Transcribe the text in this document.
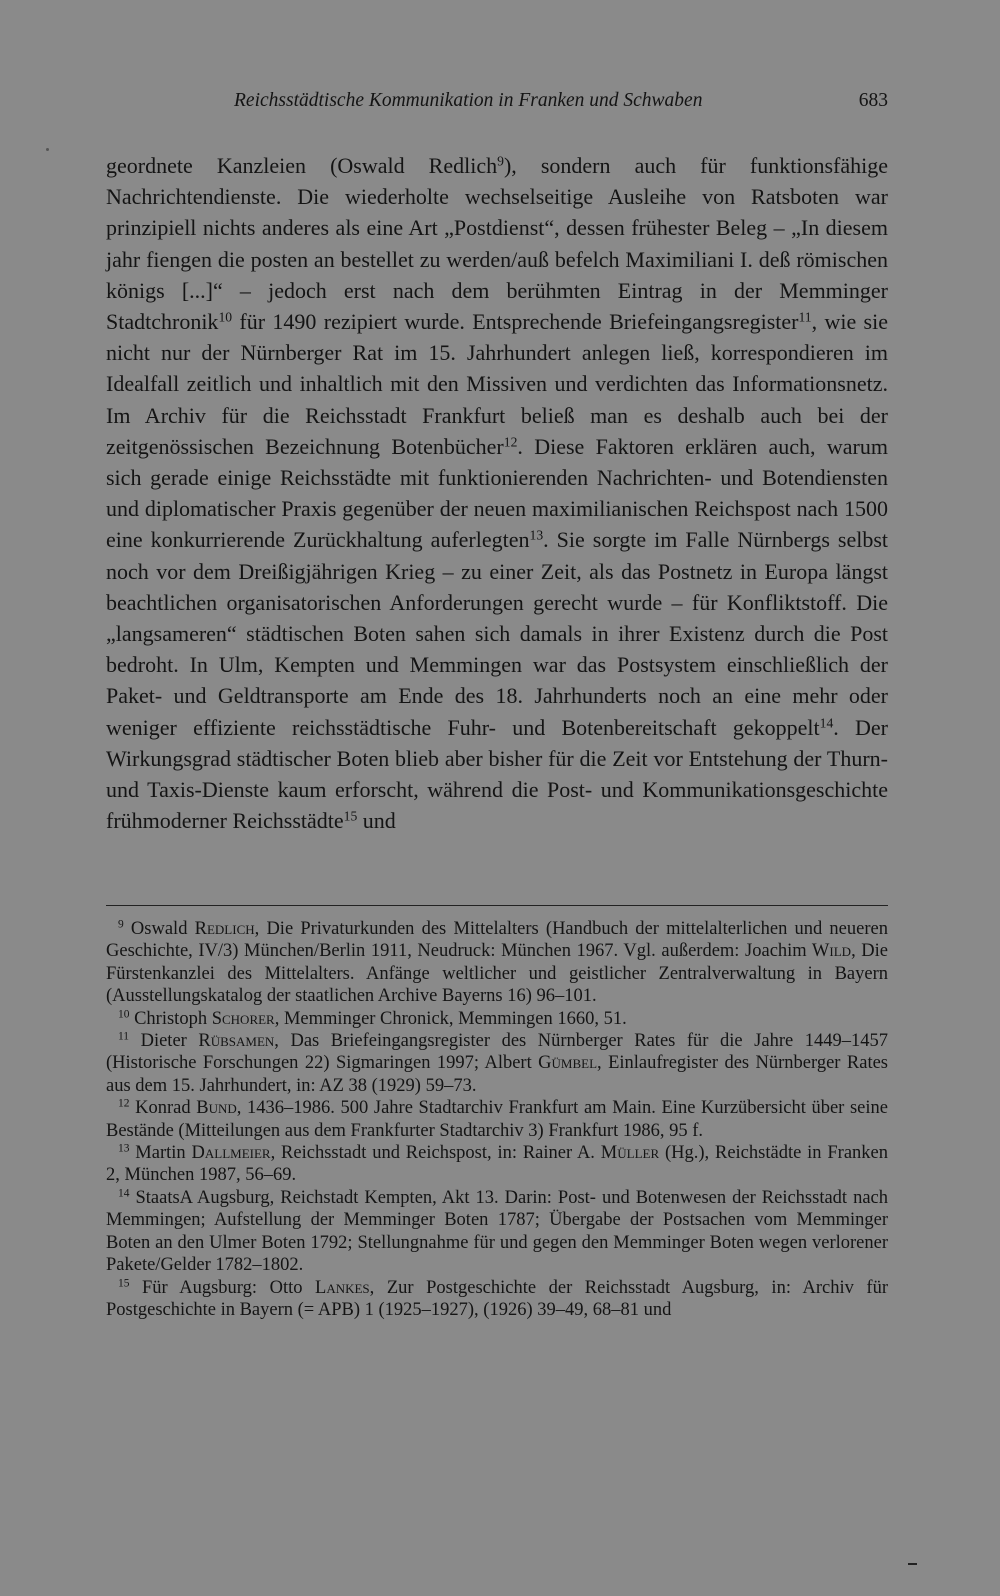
Reichsstädtische Kommunikation in Franken und Schwaben	683

geordnete Kanzleien (Oswald Redlich$^9$), sondern auch für funktionsfähige Nachrichtendienste. Die wiederholte wechselseitige Ausleihe von Ratsboten war prinzipiell nichts anderes als eine Art „Postdienst“, dessen frühester Beleg – „In diesem jahr fiengen die posten an bestellet zu werden/auß befelch Maximiliani I. deß römischen königs [...]“ – jedoch erst nach dem berühmten Eintrag in der Memminger Stadtchronik$^{10}$ für 1490 rezipiert wurde. Entsprechende Briefeingangsregister$^{11}$, wie sie nicht nur der Nürnberger Rat im 15. Jahrhundert anlegen ließ, korrespondieren im Idealfall zeitlich und inhaltlich mit den Missiven und verdichten das Informationsnetz. Im Archiv für die Reichsstadt Frankfurt beließ man es deshalb auch bei der zeitgenössischen Bezeichnung Botenbücher$^{12}$. Diese Faktoren erklären auch, warum sich gerade einige Reichsstädte mit funktionierenden Nachrichten- und Botendiensten und diplomatischer Praxis gegenüber der neuen maximilianischen Reichspost nach 1500 eine konkurrierende Zurückhaltung auferlegten$^{13}$. Sie sorgte im Falle Nürnbergs selbst noch vor dem Dreißigjährigen Krieg – zu einer Zeit, als das Postnetz in Europa längst beachtlichen organisatorischen Anforderungen gerecht wurde – für Konfliktstoff. Die „langsameren“ städtischen Boten sahen sich damals in ihrer Existenz durch die Post bedroht. In Ulm, Kempten und Memmingen war das Postsystem einschließlich der Paket- und Geldtransporte am Ende des 18. Jahrhunderts noch an eine mehr oder weniger effiziente reichsstädtische Fuhr- und Botenbereitschaft gekoppelt$^{14}$. Der Wirkungsgrad städtischer Boten blieb aber bisher für die Zeit vor Entstehung der Thurn- und Taxis-Dienste kaum erforscht, während die Post- und Kommunikationsgeschichte frühmoderner Reichsstädte$^{15}$ und

$^9$ Oswald Redlich, Die Privaturkunden des Mittelalters (Handbuch der mittelalterlichen und neueren Geschichte, IV/3) München/Berlin 1911, Neudruck: München 1967. Vgl. außerdem: Joachim Wild, Die Fürstenkanzlei des Mittelalters. Anfänge weltlicher und geistlicher Zentralverwaltung in Bayern (Ausstellungskatalog der staatlichen Archive Bayerns 16) 96–101.

$^{10}$ Christoph Schorer, Memminger Chronick, Memmingen 1660, 51.

$^{11}$ Dieter Rübsamen, Das Briefeingangsregister des Nürnberger Rates für die Jahre 1449–1457 (Historische Forschungen 22) Sigmaringen 1997; Albert Gümbel, Einlaufregister des Nürnberger Rates aus dem 15. Jahrhundert, in: AZ 38 (1929) 59–73.

$^{12}$ Konrad Bund, 1436–1986. 500 Jahre Stadtarchiv Frankfurt am Main. Eine Kurzübersicht über seine Bestände (Mitteilungen aus dem Frankfurter Stadtarchiv 3) Frankfurt 1986, 95 f.

$^{13}$ Martin Dallmeier, Reichsstadt und Reichspost, in: Rainer A. Müller (Hg.), Reichstädte in Franken 2, München 1987, 56–69.

$^{14}$ StaatsA Augsburg, Reichstadt Kempten, Akt 13. Darin: Post- und Botenwesen der Reichsstadt nach Memmingen; Aufstellung der Memminger Boten 1787; Übergabe der Postsachen vom Memminger Boten an den Ulmer Boten 1792; Stellungnahme für und gegen den Memminger Boten wegen verlorener Pakete/Gelder 1782–1802.

$^{15}$ Für Augsburg: Otto Lankes, Zur Postgeschichte der Reichsstadt Augsburg, in: Archiv für Postgeschichte in Bayern (= APB) 1 (1925–1927), (1926) 39–49, 68–81 und
